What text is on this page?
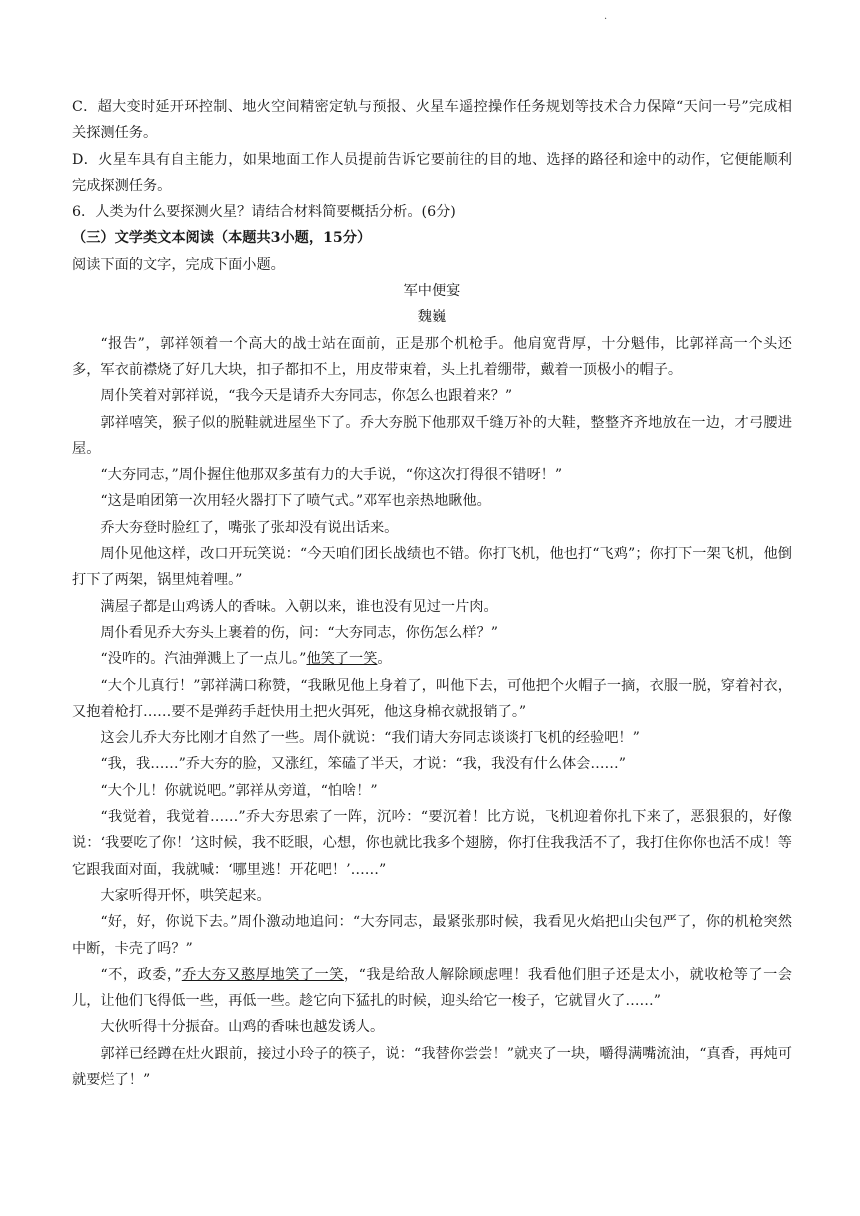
·

C．超大变时延开环控制、地火空间精密定轨与预报、火星车遥控操作任务规划等技术合力保障“天问一号”完成相关探测任务。

D．火星车具有自主能力，如果地面工作人员提前告诉它要前往的目的地、选择的路径和途中的动作，它便能顺利完成探测任务。

6．人类为什么要探测火星？请结合材料简要概括分析。(6分)

（三）文学类文本阅读（本题共3小题，15分）

阅读下面的文字，完成下面小题。

军中便宴

魏巍

“报告”，郭祥领着一个高大的战士站在面前，正是那个机枪手。他肩宽背厚，十分魁伟，比郭祥高一个头还多，军衣前襟烧了好几大块，扣子都扣不上，用皮带束着，头上扎着绷带，戴着一顶极小的帽子。

周仆笑着对郭祥说，“我今天是请乔大夯同志，你怎么也跟着来？”

郭祥嘻笑，猴子似的脱鞋就进屋坐下了。乔大夯脱下他那双千缝万补的大鞋，整整齐齐地放在一边，才弓腰进屋。

“大夯同志，”周仆握住他那双多茧有力的大手说，“你这次打得很不错呀！”

“这是咱团第一次用轻火器打下了喷气式。”邓军也亲热地瞅他。

乔大夯登时脸红了，嘴张了张却没有说出话来。

周仆见他这样，改口开玩笑说：“今天咱们团长战绩也不错。你打飞机，他也打“飞鸡”；你打下一架飞机，他倒打下了两架，锅里炖着哩。”

满屋子都是山鸡诱人的香味。入朝以来，谁也没有见过一片肉。

周仆看见乔大夯头上裹着的伤，问：“大夯同志，你伤怎么样？”

“没咋的。汽油弹溅上了一点儿。”他笑了一笑。

“大个儿真行！”郭祥满口称赞，“我瞅见他上身着了，叫他下去，可他把个火帽子一摘，衣服一脱，穿着衬衣，又抱着枪打……要不是弹药手赶快用土把火弭死，他这身棉衣就报销了。”

这会儿乔大夯比刚才自然了一些。周仆就说：“我们请大夯同志谈谈打飞机的经验吧！”

“我，我……”乔大夯的脸，又涨红，笨磕了半天，才说：“我，我没有什么体会……”

“大个儿！你就说吧。”郭祥从旁道，“怕啥！”

“我觉着，我觉着……”乔大夯思索了一阵，沉吟：“要沉着！比方说，飞机迎着你扎下来了，恶狠狠的，好像说：‘我要吃了你！’这时候，我不眨眼，心想，你也就比我多个翅膀，你打住我我活不了，我打住你你也活不成！等它跟我面对面，我就喊：‘哪里逃！开花吧！’……”

大家听得开怀，哄笑起来。

“好，好，你说下去。”周仆激动地追问：“大夯同志，最紧张那时候，我看见火焰把山尖包严了，你的机枪突然中断，卡壳了吗？”

“不，政委，”乔大夯又憨厚地笑了一笑，“我是给敌人解除顾虑哩！我看他们胆子还是太小，就收枪等了一会儿，让他们飞得低一些，再低一些。趁它向下猛扎的时候，迎头给它一梭子，它就冒火了……”

大伙听得十分振奋。山鸡的香味也越发诱人。

郭祥已经蹲在灶火跟前，接过小玲子的筷子，说：“我替你尝尝！”就夹了一块，嚼得满嘴流油，“真香，再炖可就要烂了！”
